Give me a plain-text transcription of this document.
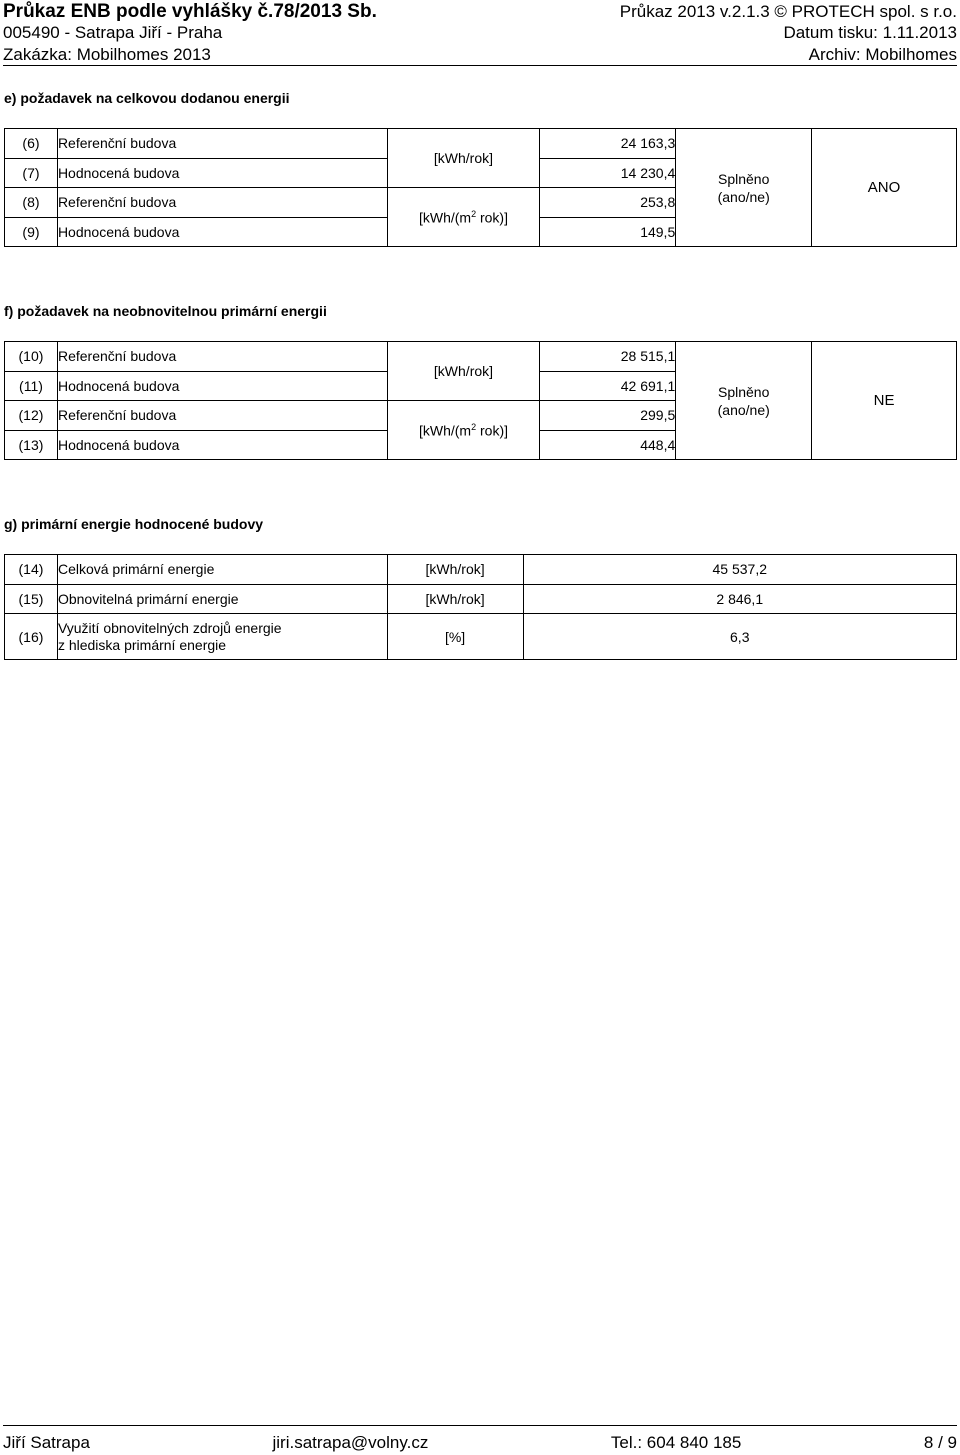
Průkaz ENB podle vyhlášky č.78/2013 Sb.	Průkaz 2013 v.2.1.3 © PROTECH spol. s r.o.
005490 - Satrapa Jiří - Praha	Datum tisku: 1.11.2013
Zakázka: Mobilhomes 2013	Archiv: Mobilhomes
e) požadavek na celkovou dodanou energii
(6)	Referenční budova	[kWh/rok]	24 163,3	Splněno
(ano/ne)	ANO
(7)	Hodnocená budova		14 230,4		
(8)	Referenční budova	[$kWh/(m^2$ rok)]	253,8		
(9)	Hodnocená budova		149,5		
f) požadavek na neobnovitelnou primární energii
(10)	Referenční budova	[kWh/rok]	28 515,1	Splněno
(ano/ne)	NE
(11)	Hodnocená budova		42 691,1		
(12)	Referenční budova	[$kWh/(m^2$ rok)]	299,5		
(13)	Hodnocená budova		448,4		
g) primární energie hodnocené budovy
(14)	Celková primární energie	[kWh/rok]	45 537,2
(15)	Obnovitelná primární energie	[kWh/rok]	2 846,1
(16)	Využití obnovitelných zdrojů energie
z hlediska primární energie	[%]	6,3
Jiří Satrapa	jiri.satrapa@volny.cz	Tel.: 604 840 185	8 / 9
